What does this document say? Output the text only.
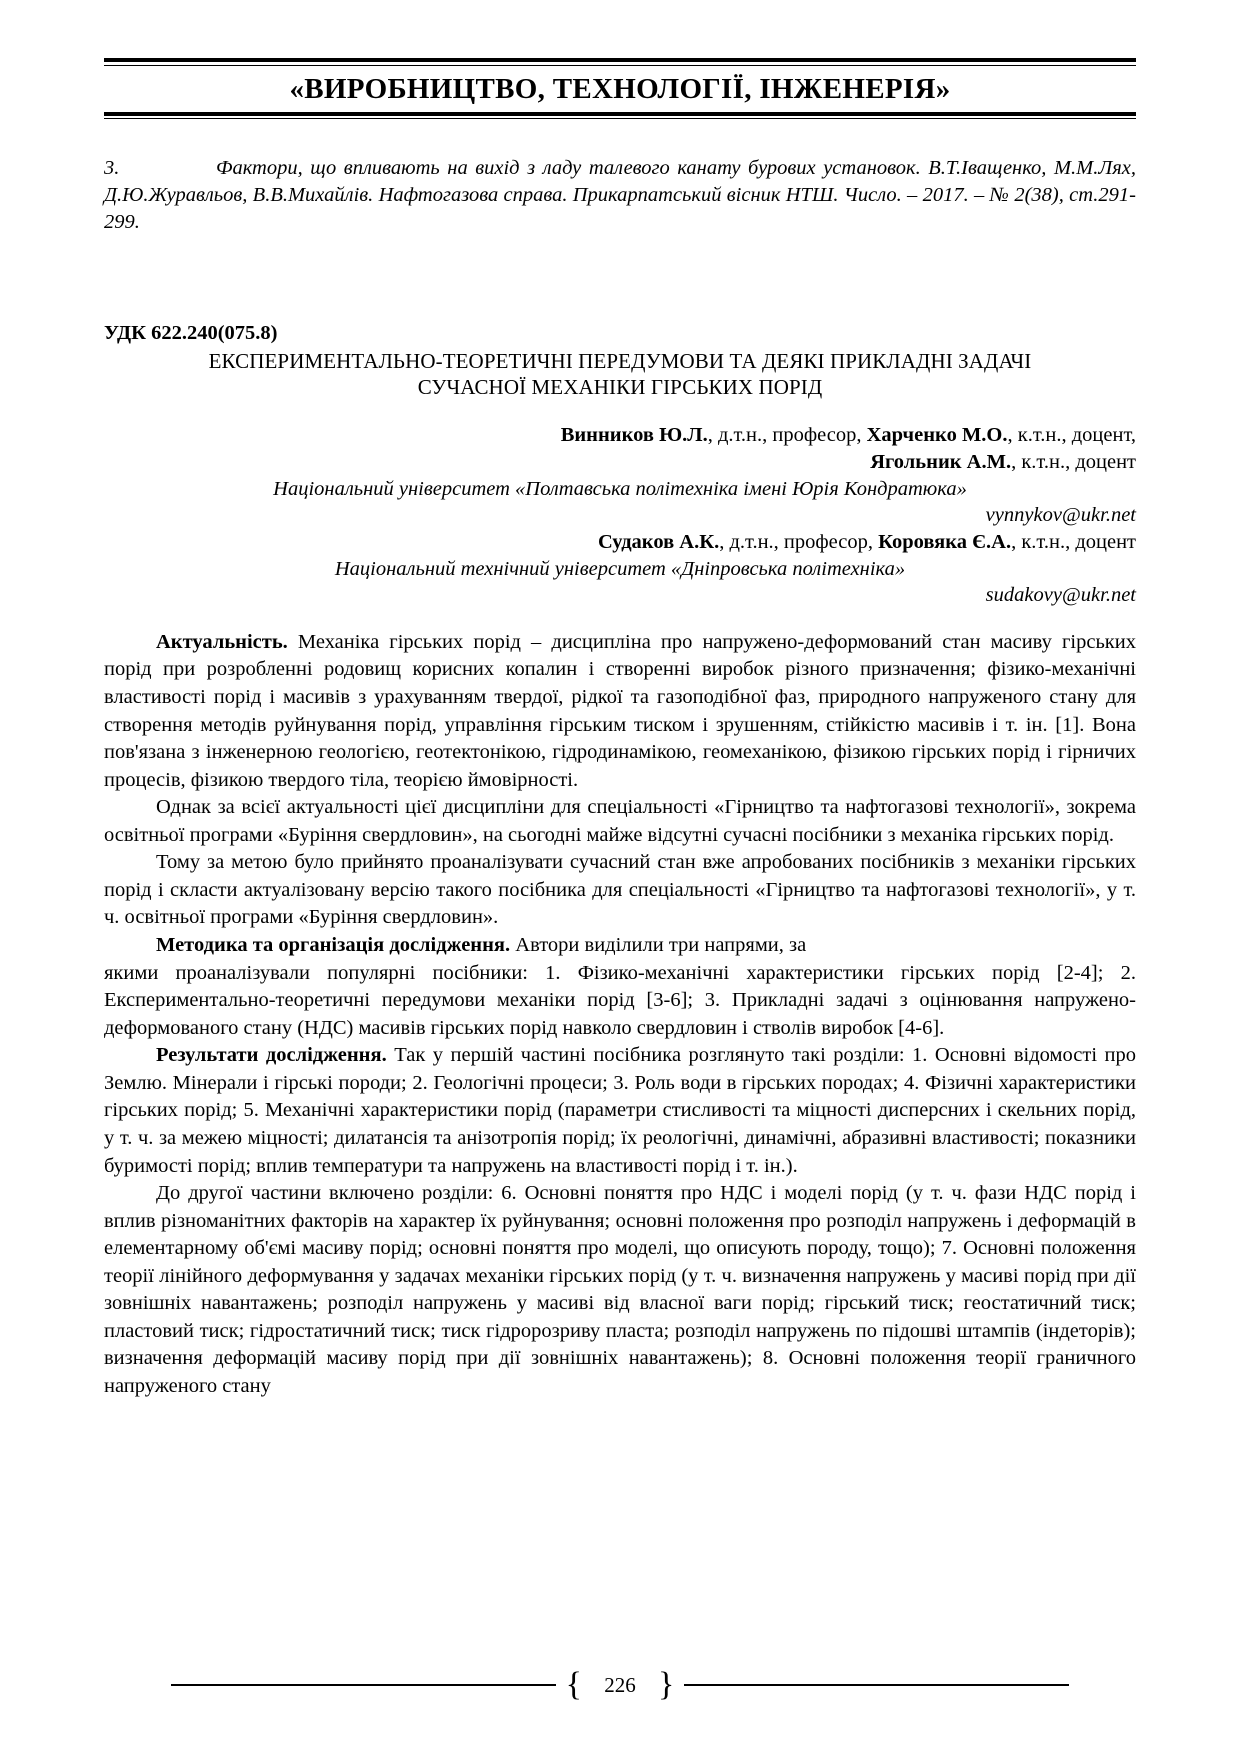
«ВИРОБНИЦТВО, ТЕХНОЛОГІЇ, ІНЖЕНЕРІЯ»
3.	Фактори, що впливають на вихід з ладу талевого канату бурових установок. В.Т.Іващенко, М.М.Лях, Д.Ю.Журавльов, В.В.Михайлів. Нафтогазова справа. Прикарпатський вісник НТШ. Число. – 2017. – № 2(38), ст.291-299.
УДК 622.240(075.8)
ЕКСПЕРИМЕНТАЛЬНО-ТЕОРЕТИЧНІ ПЕРЕДУМОВИ ТА ДЕЯКІ ПРИКЛАДНІ ЗАДАЧІ
СУЧАСНОЇ МЕХАНІКИ ГІРСЬКИХ ПОРІД
Винников Ю.Л., д.т.н., професор, Харченко М.О., к.т.н., доцент,
Ягольник А.М., к.т.н., доцент
Національний університет «Полтавська політехніка імені Юрія Кондратюка»
vynnykov@ukr.net
Судаков А.К., д.т.н., професор, Коровяка Є.А., к.т.н., доцент
Національний технічний університет «Дніпровська політехніка»
sudakovy@ukr.net

Актуальність. Механіка гірських порід – дисципліна про напружено-деформований стан масиву гірських порід при розробленні родовищ корисних копалин і створенні виробок різного призначення; фізико-механічні властивості порід і масивів з урахуванням твердої, рідкої та газоподібної фаз, природного напруженого стану для створення методів руйнування порід, управління гірським тиском і зрушенням, стійкістю масивів і т. ін. [1]. Вона пов'язана з інженерною геологією, геотектонікою, гідродинамікою, геомеханікою, фізикою гірських порід і гірничих процесів, фізикою твердого тіла, теорією ймовірності.

Однак за всієї актуальності цієї дисципліни для спеціальності «Гірництво та нафтогазові технології», зокрема освітньої програми «Буріння свердловин», на сьогодні майже відсутні сучасні посібники з механіка гірських порід.

Тому за метою було прийнято проаналізувати сучасний стан вже апробованих посібників з механіки гірських порід і скласти актуалізовану версію такого посібника для спеціальності «Гірництво та нафтогазові технології», у т. ч. освітньої програми «Буріння свердловин».

Методика та організація дослідження. Автори виділили три напрями, за

якими проаналізували популярні посібники: 1. Фізико-механічні характеристики гірських порід [2-4]; 2. Експериментально-теоретичні передумови механіки порід [3-6]; 3. Прикладні задачі з оцінювання напружено-деформованого стану (НДС) масивів гірських порід навколо свердловин і стволів виробок [4-6].

Результати дослідження. Так у першій частині посібника розглянуто такі розділи: 1. Основні відомості про Землю. Мінерали і гірські породи; 2. Геологічні процеси; 3. Роль води в гірських породах; 4. Фізичні характеристики гірських порід; 5. Механічні характеристики порід (параметри стисливості та міцності дисперсних і скельних порід, у т. ч. за межею міцності; дилатансія та анізотропія порід; їх реологічні, динамічні, абразивні властивості; показники буримості порід; вплив температури та напружень на властивості порід і т. ін.).

До другої частини включено розділи: 6. Основні поняття про НДС і моделі порід (у т. ч. фази НДС порід і вплив різноманітних факторів на характер їх руйнування; основні положення про розподіл напружень і деформацій в елементарному об'ємі масиву порід; основні поняття про моделі, що описують породу, тощо); 7. Основні положення теорії лінійного деформування у задачах механіки гірських порід (у т. ч. визначення напружень у масиві порід при дії зовнішніх навантажень; розподіл напружень у масиві від власної ваги порід; гірський тиск; геостатичний тиск; пластовий тиск; гідростатичний тиск; тиск гідророзриву пласта; розподіл напружень по підошві штампів (індеторів); визначення деформацій масиву порід при дії зовнішніх навантажень); 8. Основні положення теорії граничного напруженого стану

{	226 }
